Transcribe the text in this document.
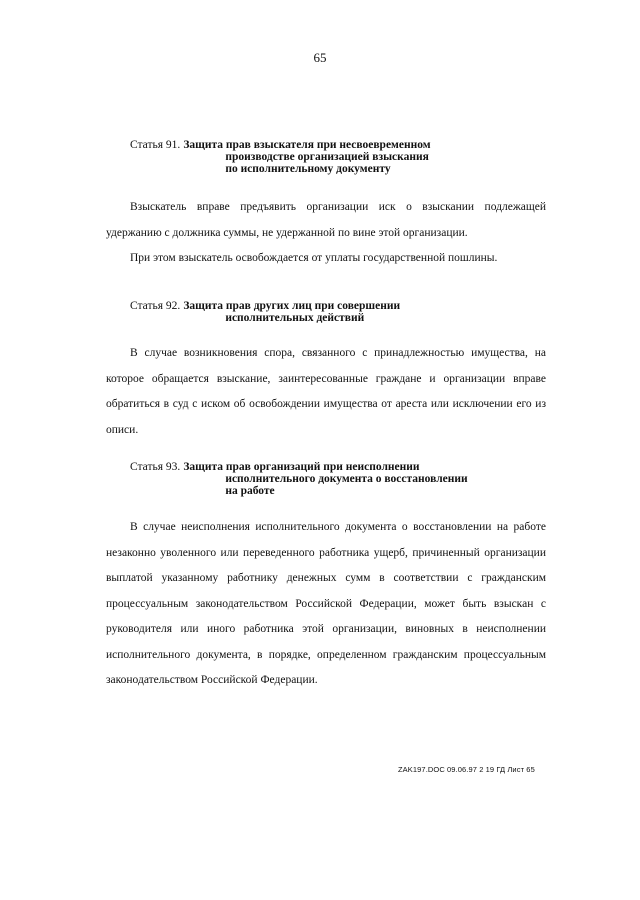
65
Статья 91. Защита прав взыскателя при несвоевременном
производстве организацией взыскания
по исполнительному документу

Взыскатель вправе предъявить организации иск о взыскании подлежащей удержанию с должника суммы, не удержанной по вине этой организации.

При этом взыскатель освобождается от уплаты государственной пошлины.

Статья 92. Защита прав других лиц при совершении
исполнительных действий

В случае возникновения спора, связанного с принадлежностью имущества, на которое обращается взыскание, заинтересованные граждане и организации вправе обратиться в суд с иском об освобождении имущества от ареста или исключении его из описи.

Статья 93. Защита прав организаций при неисполнении
исполнительного документа о восстановлении
на работе

В случае неисполнения исполнительного документа о восстановлении на работе незаконно уволенного или переведенного работника ущерб, причиненный организации выплатой указанному работнику денежных сумм в соответствии с гражданским процессуальным законодательством Российской Федерации, может быть взыскан с руководителя или иного работника этой организации, виновных в неисполнении исполнительного документа, в порядке, определенном гражданским процессуальным законодательством Российской Федерации.

ZAK197.DOC 09.06.97 2 19 ГД Лист 65
